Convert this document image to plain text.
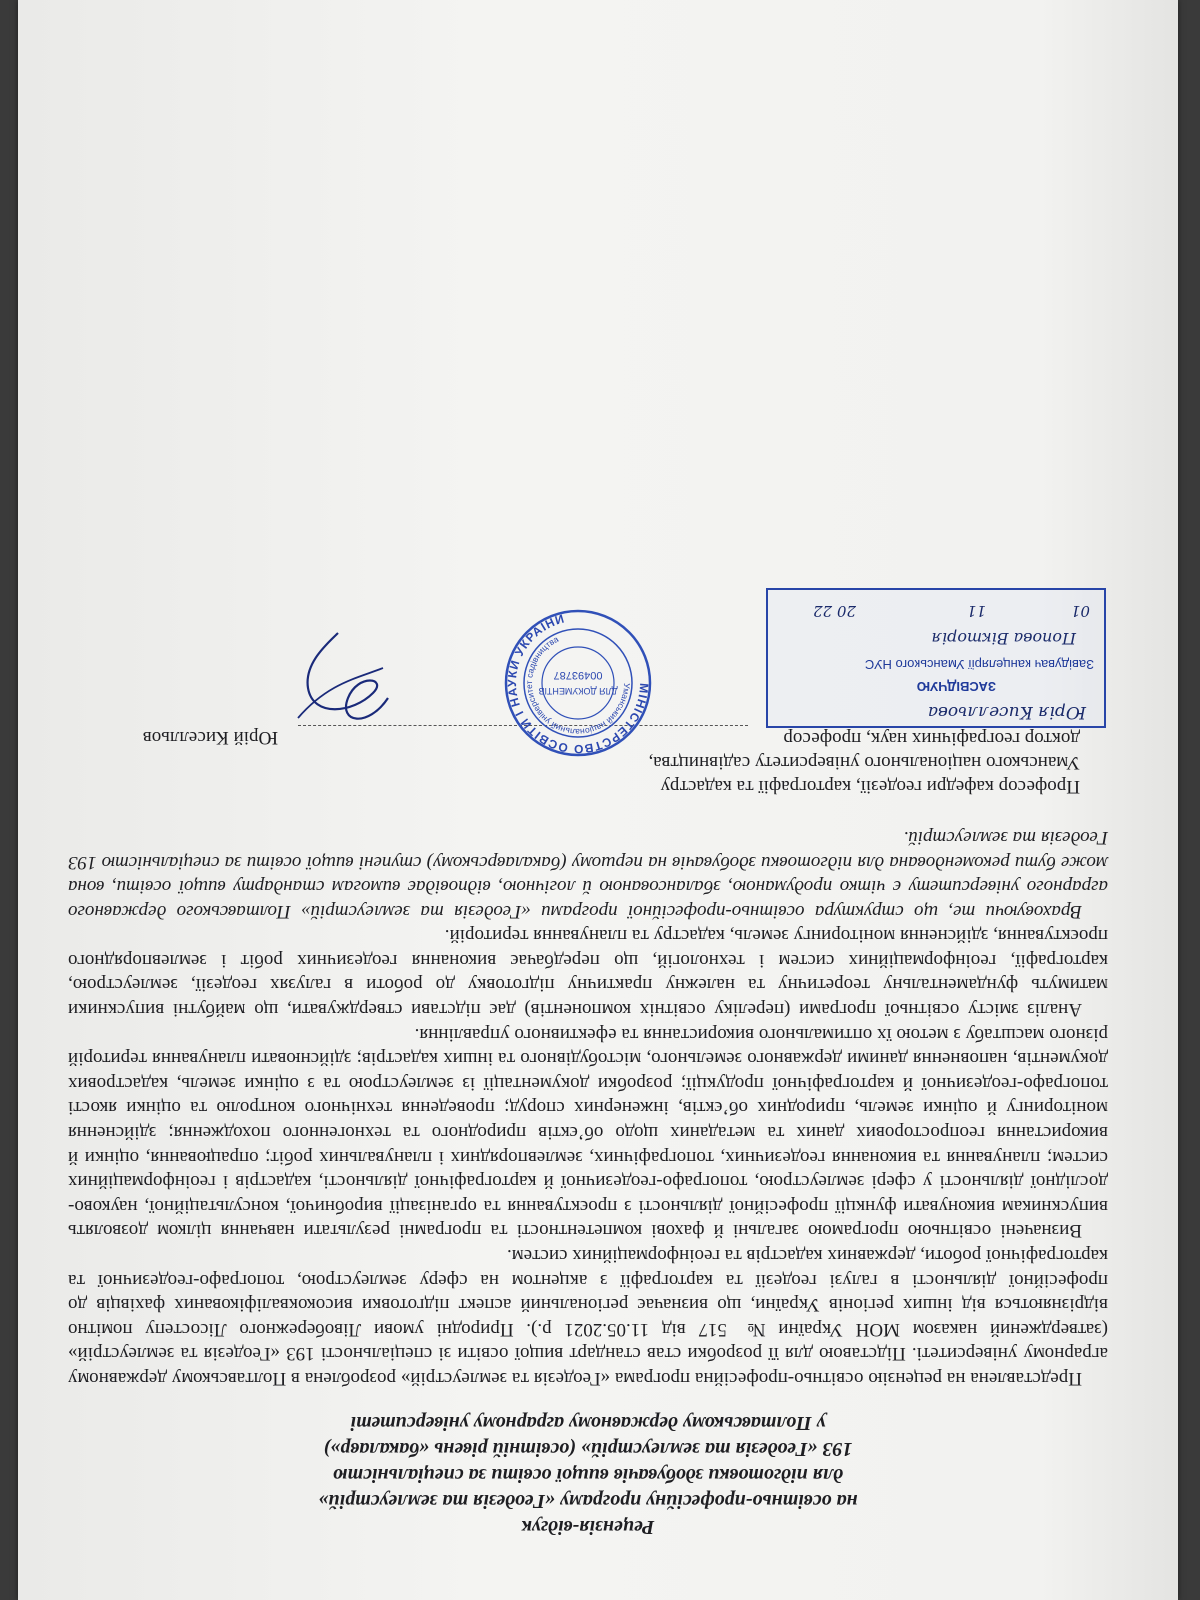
Рецензія-відгук

на освітньо-професійну програму «Геодезія та землеустрій»

для підготовки здобувачів вищої освіти за спеціальністю

193 «Геодезія та землеустрій» (освітній рівень «бакалавр»)

у Полтавському державному аграрному університеті

Представлена на рецензію освітньо-професійна програма «Геодезія та землеустрій» розроблена в Полтавському державному аграрному університеті. Підставою для її розробки став стандарт вищої освіти зі спеціальності 193 «Геодезія та землеустрій» (затверджений наказом МОН України № 517 від 11.05.2021 р.). Природні умови Лівобережного Лісостепу помітно відрізняються від інших регіонів України, що визначає регіональний аспект підготовки висококваліфікованих фахівців до професійної діяльності в галузі геодезії та картографії з акцентом на сферу землеустрою, топографо-геодезичної та картографічної роботи, державних кадастрів та геоінформаційних систем.

Визначені освітньою програмою загальні й фахові компетентності та програмні результати навчання цілком дозволять випускникам виконувати функції професійної діяльності з проєктування та організації виробничої, консультаційної, науково-дослідної діяльності у сфері землеустрою, топографо-геодезичної й картографічної діяльності, кадастрів і геоінформаційних систем; планування та виконання геодезичних, топографічних, землевпорядних і планувальних робіт; опрацювання, оцінки й використання геопросторових даних та метаданих щодо об’єктів природного та техногенного походження; здійснення моніторингу й оцінки земель, природних об’єктів, інженерних споруд; проведення технічного контролю та оцінки якості топографо-геодезичної й картографічної продукції; розробки документації із землеустрою та з оцінки земель, кадастрових документів, наповнення даними державного земельного, містобудівного та інших кадастрів; здійснювати планування територій різного масштабу з метою їх оптимального використання та ефективного управління.

Аналіз змісту освітньої програми (переліку освітніх компонентів) дає підстави стверджувати, що майбутні випускники матимуть фундаментальну теоретичну та належну практичну підготовку до роботи в галузях геодезії, землеустрою, картографії, геоінформаційних систем і технологій, що передбачає виконання геодезичних робіт і землевпорядного проєктування, здійснення моніторингу земель, кадастру та планування територій.

Враховуючи те, що структура освітньо-професійної програми «Геодезія та землеустрій» Полтавського державного аграрного університету є чітко продуманою, збалансованою й логічною, відповідає вимогам стандарту вищої освіти, вона може бути рекомендована для підготовки здобувачів на першому (бакалаврському) ступені вищої освіти за спеціальністю 193 Геодезія та землеустрій.

Професор кафедри геодезії, картографії та кадастру

Уманського національного університету садівництва,

доктор географічних наук, професор

Юрій Киселльов
МІНІСТЕРСТВО ОСВІТИ І НАУКИ УКРАЇНИ
Уманський національний університет садівництва
ДЛЯ ДОКУМЕНТІВ
00493787
Юрія Киселльова
ЗАСВІДЧУЮ
Завідувач канцелярії Уманського НУС
Попова Вікторія
01
11
20 22
